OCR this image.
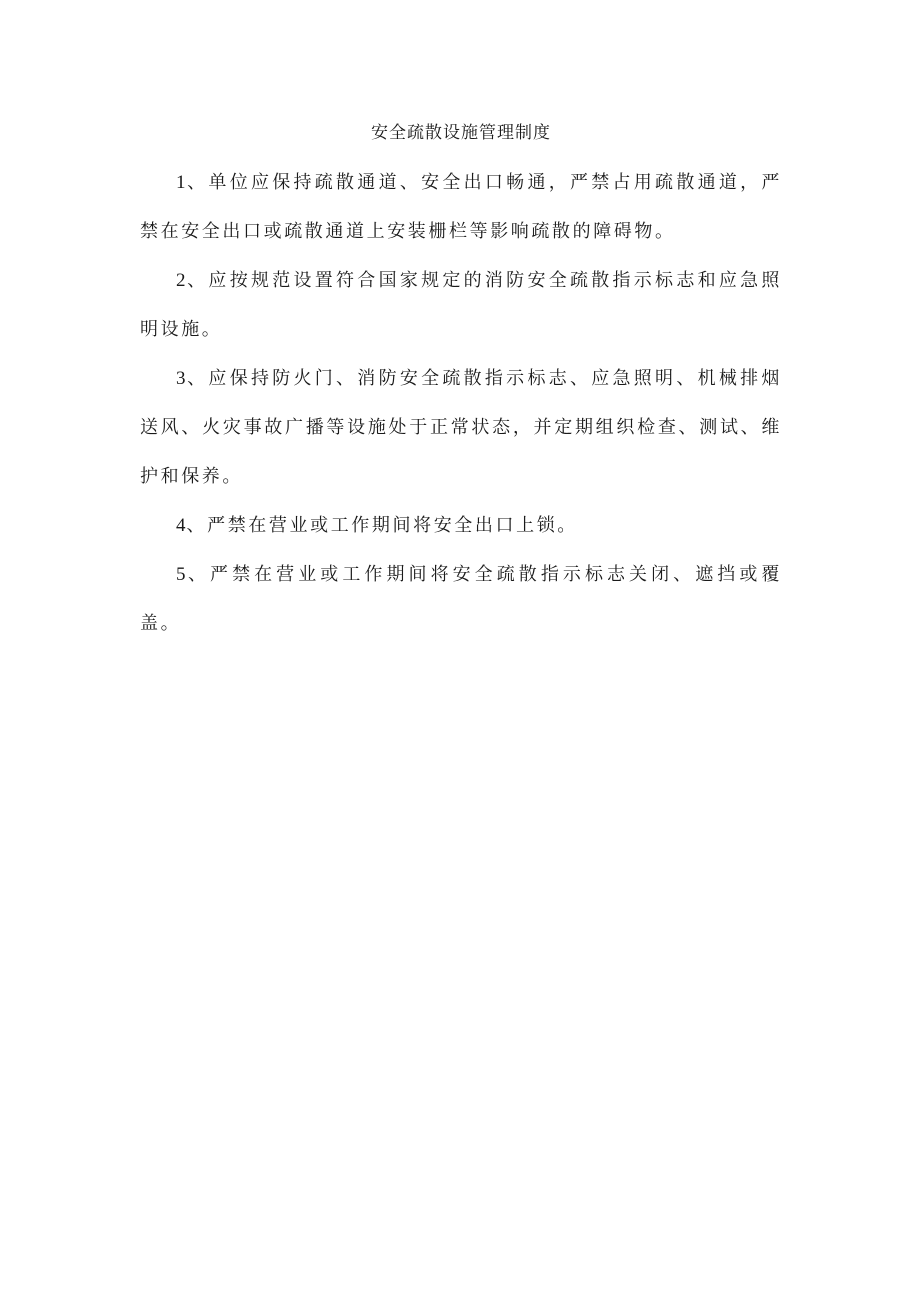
安全疏散设施管理制度

1、单位应保持疏散通道、安全出口畅通，严禁占用疏散通道，严禁在安全出口或疏散通道上安装栅栏等影响疏散的障碍物。

2、应按规范设置符合国家规定的消防安全疏散指示标志和应急照明设施。

3、应保持防火门、消防安全疏散指示标志、应急照明、机械排烟送风、火灾事故广播等设施处于正常状态，并定期组织检查、测试、维护和保养。

4、严禁在营业或工作期间将安全出口上锁。

5、严禁在营业或工作期间将安全疏散指示标志关闭、遮挡或覆盖。
